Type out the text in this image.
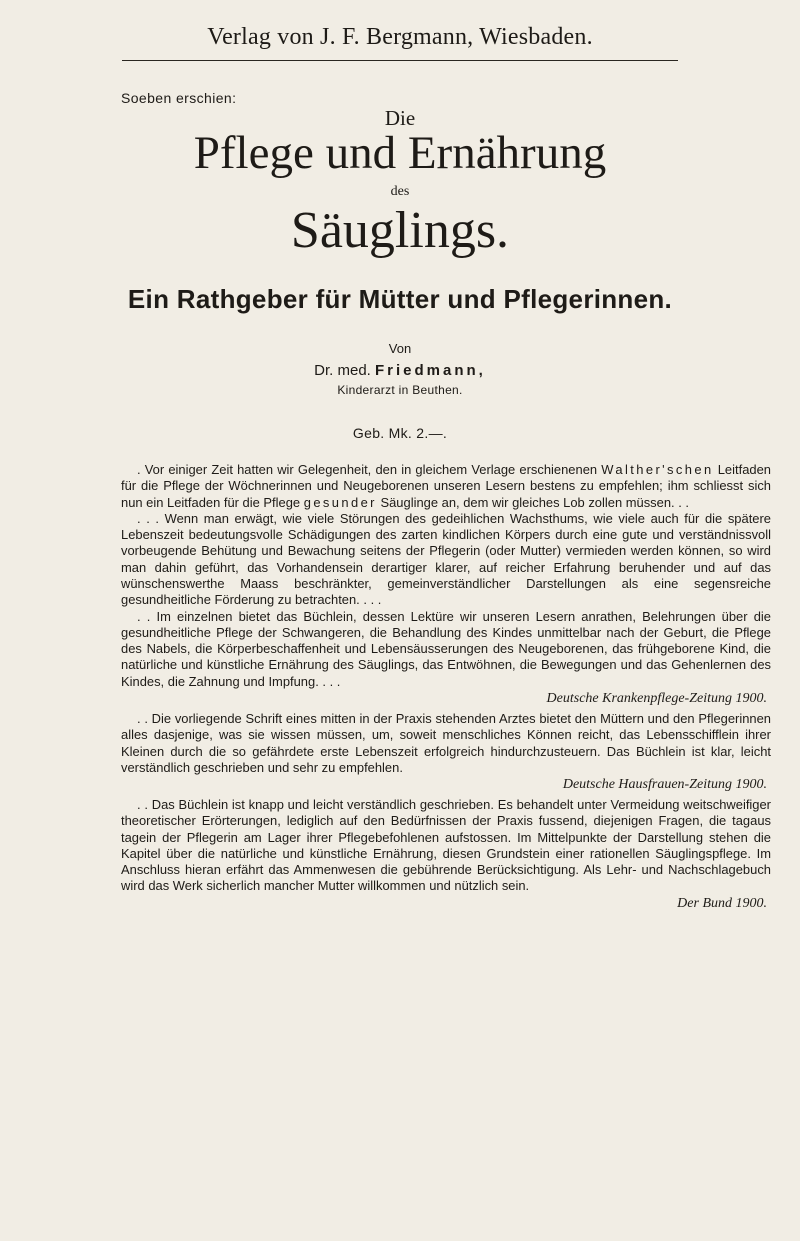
Verlag von J. F. Bergmann, Wiesbaden.
Soeben erschien:
Die
Pflege und Ernährung
des
Säuglings.
Ein Rathgeber für Mütter und Pflegerinnen.
Von
Dr. med. Friedmann,
Kinderarzt in Beuthen.
Geb. Mk. 2.—.

. Vor einiger Zeit hatten wir Gelegenheit, den in gleichem Verlage erschienenen Walther'schen Leitfaden für die Pflege der Wöchnerinnen und Neugeborenen unseren Lesern bestens zu empfehlen; ihm schliesst sich nun ein Leitfaden für die Pflege gesunder Säuglinge an, dem wir gleiches Lob zollen müssen. . .

. . . Wenn man erwägt, wie viele Störungen des gedeihlichen Wachsthums, wie viele auch für die spätere Lebenszeit bedeutungsvolle Schädigungen des zarten kindlichen Körpers durch eine gute und verständnissvoll vorbeugende Behütung und Bewachung seitens der Pflegerin (oder Mutter) vermieden werden können, so wird man dahin geführt, das Vorhandensein derartiger klarer, auf reicher Erfahrung beruhender und auf das wünschenswerthe Maass beschränkter, gemeinverständlicher Darstellungen als eine segensreiche gesundheitliche Förderung zu betrachten. . . .

. . Im einzelnen bietet das Büchlein, dessen Lektüre wir unseren Lesern anrathen, Belehrungen über die gesundheitliche Pflege der Schwangeren, die Behandlung des Kindes unmittelbar nach der Geburt, die Pflege des Nabels, die Körperbeschaffenheit und Lebensäusserungen des Neugeborenen, das frühgeborene Kind, die natürliche und künstliche Ernährung des Säuglings, das Entwöhnen, die Bewegungen und das Gehenlernen des Kindes, die Zahnung und Impfung. . . .

Deutsche Krankenpflege-Zeitung 1900.

. . Die vorliegende Schrift eines mitten in der Praxis stehenden Arztes bietet den Müttern und den Pflegerinnen alles dasjenige, was sie wissen müssen, um, soweit menschliches Können reicht, das Lebensschifflein ihrer Kleinen durch die so gefährdete erste Lebenszeit erfolgreich hindurchzusteuern. Das Büchlein ist klar, leicht verständlich geschrieben und sehr zu empfehlen.

Deutsche Hausfrauen-Zeitung 1900.

. . Das Büchlein ist knapp und leicht verständlich geschrieben. Es behandelt unter Vermeidung weitschweifiger theoretischer Erörterungen, lediglich auf den Bedürfnissen der Praxis fussend, diejenigen Fragen, die tagaus tagein der Pflegerin am Lager ihrer Pflegebefohlenen aufstossen. Im Mittelpunkte der Darstellung stehen die Kapitel über die natürliche und künstliche Ernährung, diesen Grundstein einer rationellen Säuglingspflege. Im Anschluss hieran erfährt das Ammenwesen die gebührende Berücksichtigung. Als Lehr- und Nachschlagebuch wird das Werk sicherlich mancher Mutter willkommen und nützlich sein.

Der Bund 1900.
